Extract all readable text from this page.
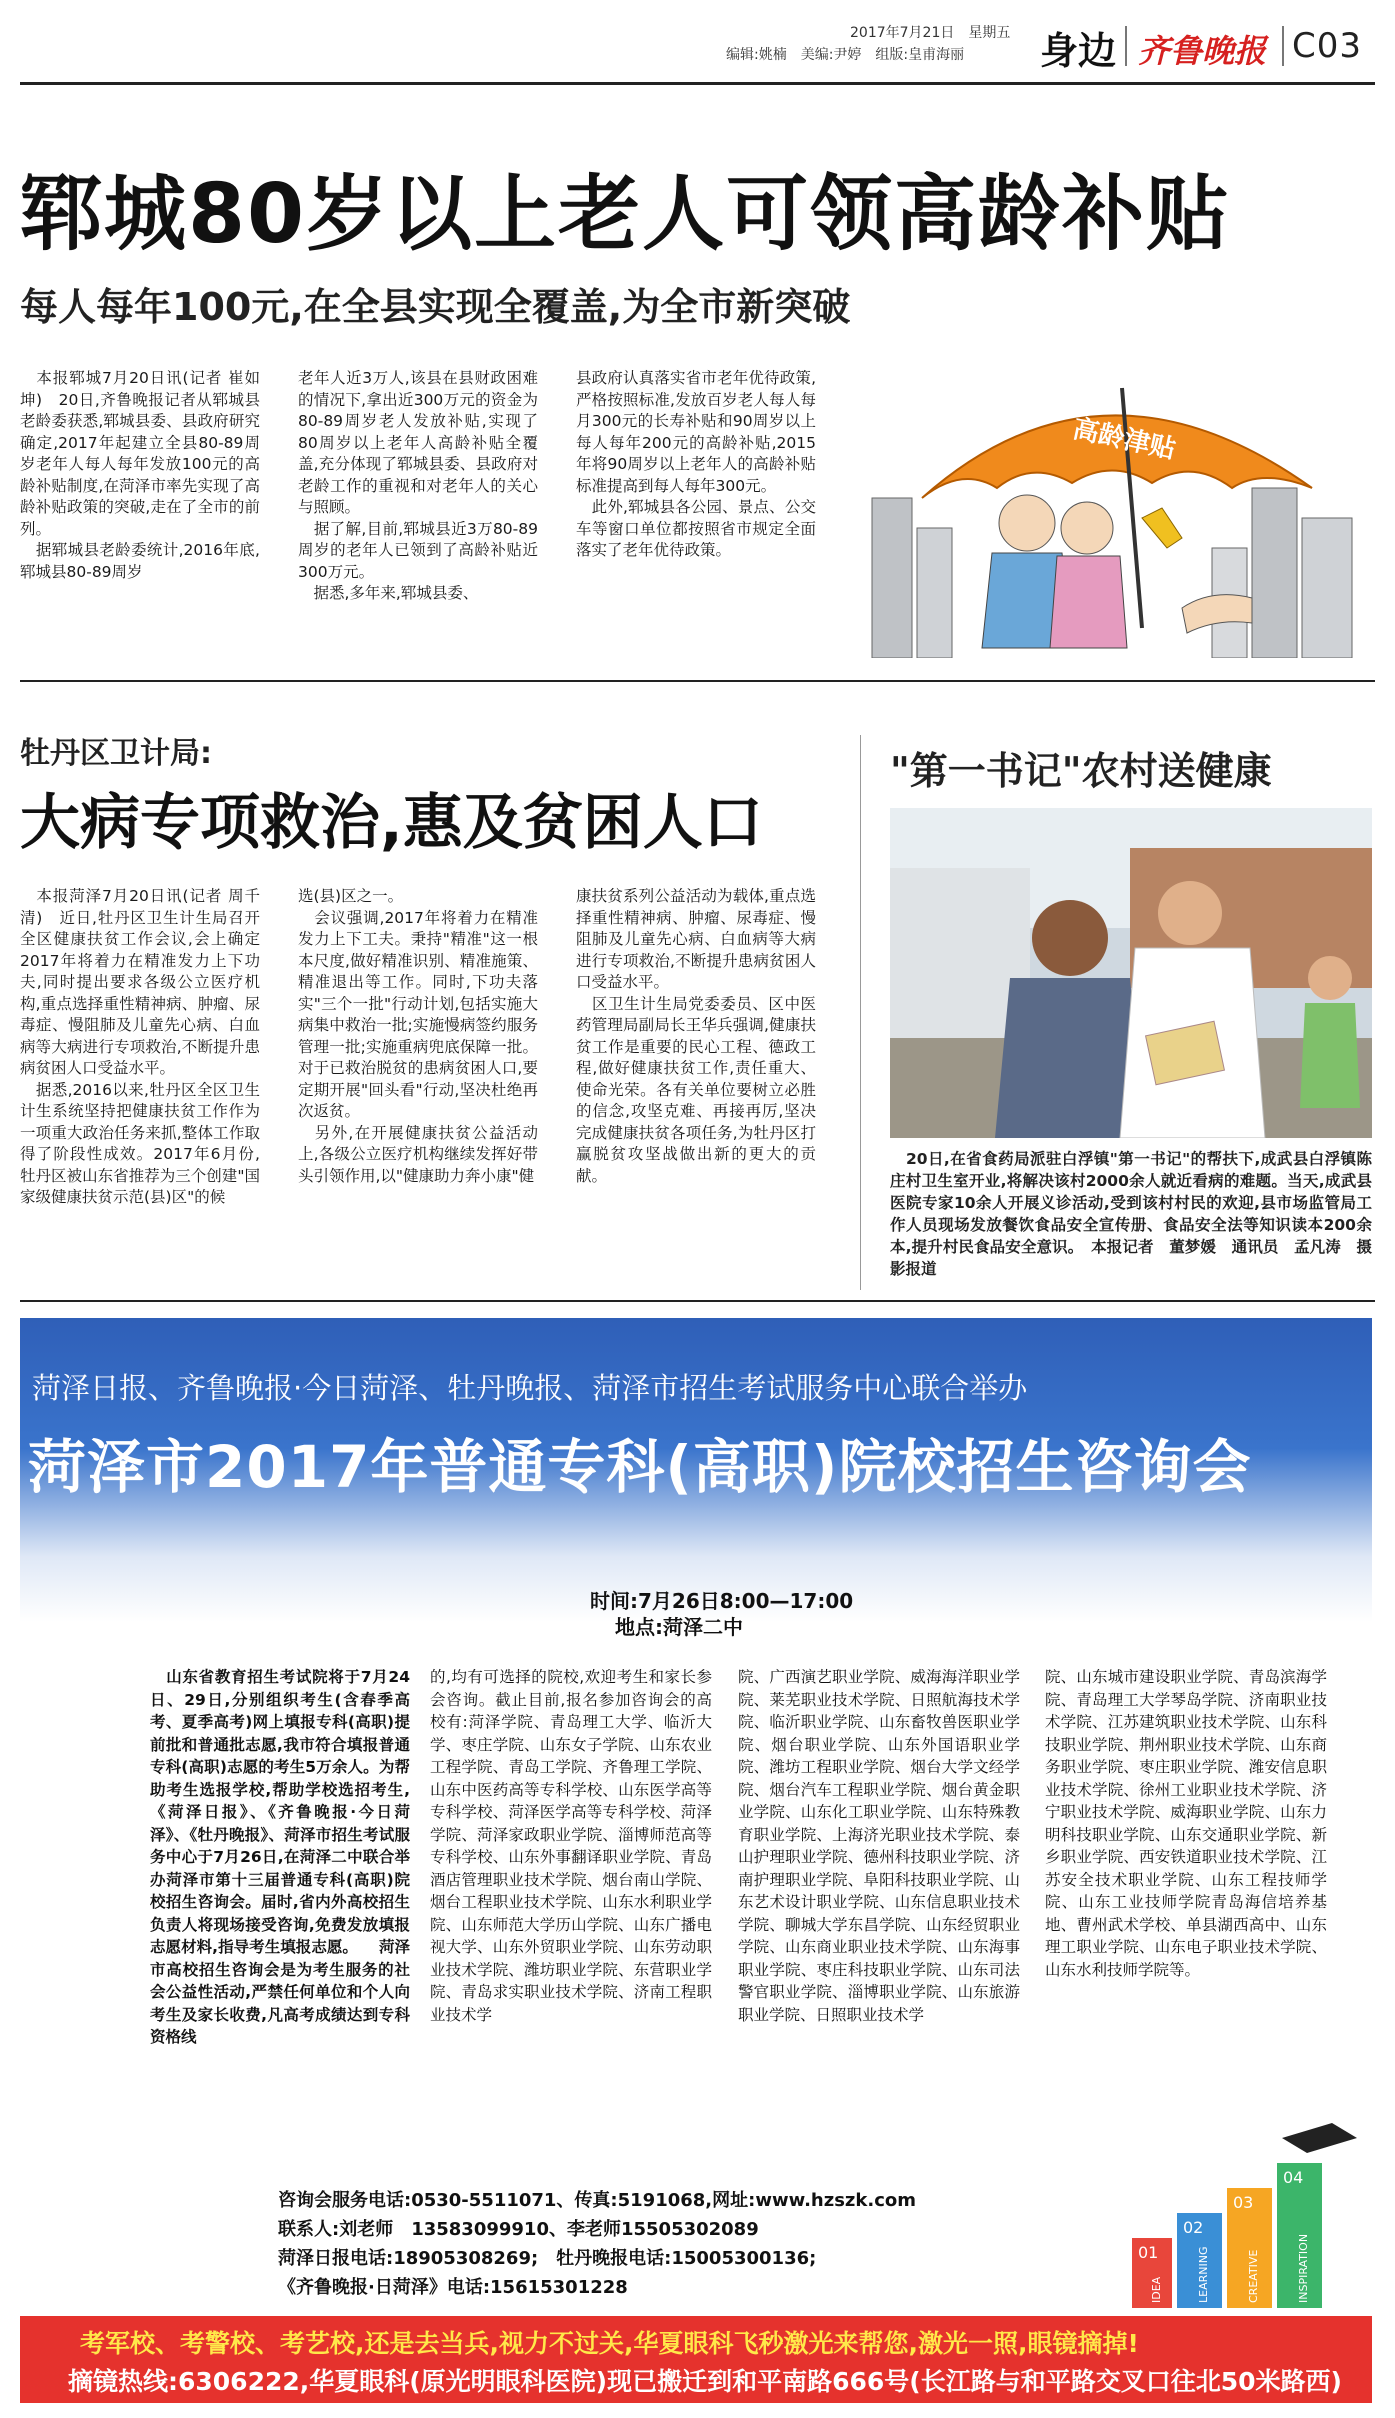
2017年7月21日　星期五
编辑:姚楠　美编:尹婷　组版:皇甫海丽 身边 齐鲁晚报 C03
郓城80岁以上老人可领高龄补贴
每人每年100元,在全县实现全覆盖,为全市新突破
　本报郓城7月20日讯(记者 崔如坤)　20日,齐鲁晚报记者从郓城县老龄委获悉,郓城县委、县政府研究确定,2017年起建立全县80-89周岁老年人每人每年发放100元的高龄补贴制度,在菏泽市率先实现了高龄补贴政策的突破,走在了全市的前列。
　据郓城县老龄委统计,2016年底,郓城县80-89周岁
老年人近3万人,该县在县财政困难的情况下,拿出近300万元的资金为80-89周岁老人发放补贴,实现了80周岁以上老年人高龄补贴全覆盖,充分体现了郓城县委、县政府对老龄工作的重视和对老年人的关心与照顾。
　据了解,目前,郓城县近3万80-89周岁的老年人已领到了高龄补贴近300万元。
　据悉,多年来,郓城县委、
县政府认真落实省市老年优待政策,严格按照标准,发放百岁老人每人每月300元的长寿补贴和90周岁以上每人每年200元的高龄补贴,2015年将90周岁以上老年人的高龄补贴标准提高到每人每年300元。
　此外,郓城县各公园、景点、公交车等窗口单位都按照省市规定全面落实了老年优待政策。
高龄津贴
牡丹区卫计局:
大病专项救治,惠及贫困人口
　本报菏泽7月20日讯(记者 周千清)　近日,牡丹区卫生计生局召开全区健康扶贫工作会议,会上确定2017年将着力在精准发力上下功夫,同时提出要求各级公立医疗机构,重点选择重性精神病、肿瘤、尿毒症、慢阻肺及儿童先心病、白血病等大病进行专项救治,不断提升患病贫困人口受益水平。
　据悉,2016以来,牡丹区全区卫生计生系统坚持把健康扶贫工作作为一项重大政治任务来抓,整体工作取得了阶段性成效。2017年6月份,牡丹区被山东省推荐为三个创建"国家级健康扶贫示范(县)区"的候
选(县)区之一。
　会议强调,2017年将着力在精准发力上下工夫。秉持"精准"这一根本尺度,做好精准识别、精准施策、精准退出等工作。同时,下功夫落实"三个一批"行动计划,包括实施大病集中救治一批;实施慢病签约服务管理一批;实施重病兜底保障一批。对于已救治脱贫的患病贫困人口,要定期开展"回头看"行动,坚决杜绝再次返贫。
　另外,在开展健康扶贫公益活动上,各级公立医疗机构继续发挥好带头引领作用,以"健康助力奔小康"健
康扶贫系列公益活动为载体,重点选择重性精神病、肿瘤、尿毒症、慢阻肺及儿童先心病、白血病等大病进行专项救治,不断提升患病贫困人口受益水平。
　区卫生计生局党委委员、区中医药管理局副局长王华兵强调,健康扶贫工作是重要的民心工程、德政工程,做好健康扶贫工作,责任重大、使命光荣。各有关单位要树立必胜的信念,攻坚克难、再接再厉,坚决完成健康扶贫各项任务,为牡丹区打赢脱贫攻坚战做出新的更大的贡献。
"第一书记"农村送健康
　20日,在省食药局派驻白浮镇"第一书记"的帮扶下,成武县白浮镇陈庄村卫生室开业,将解决该村2000余人就近看病的难题。当天,成武县医院专家10余人开展义诊活动,受到该村村民的欢迎,县市场监管局工作人员现场发放餐饮食品安全宣传册、食品安全法等知识读本200余本,提升村民食品安全意识。　本报记者　董梦媛　通讯员　孟凡涛　摄影报道
菏泽日报、齐鲁晚报·今日菏泽、牡丹晚报、菏泽市招生考试服务中心联合举办
菏泽市2017年普通专科(高职)院校招生咨询会
时间:7月26日8:00—17:00
地点:菏泽二中
　山东省教育招生考试院将于7月24日、29日,分别组织考生(含春季高考、夏季高考)网上填报专科(高职)提前批和普通批志愿,我市符合填报普通专科(高职)志愿的考生5万余人。为帮助考生选报学校,帮助学校选招考生,《菏泽日报》、《齐鲁晚报·今日菏泽》、《牡丹晚报》、菏泽市招生考试服务中心于7月26日,在菏泽二中联合举办菏泽市第十三届普通专科(高职)院校招生咨询会。届时,省内外高校招生负责人将现场接受咨询,免费发放填报志愿材料,指导考生填报志愿。 　菏泽市高校招生咨询会是为考生服务的社会公益性活动,严禁任何单位和个人向考生及家长收费,凡高考成绩达到专科资格线
的,均有可选择的院校,欢迎考生和家长参会咨询。截止目前,报名参加咨询会的高校有:菏泽学院、青岛理工大学、临沂大学、枣庄学院、山东女子学院、山东农业工程学院、青岛工学院、齐鲁理工学院、山东中医药高等专科学校、山东医学高等专科学校、菏泽医学高等专科学校、菏泽学院、菏泽家政职业学院、淄博师范高等专科学校、山东外事翻译职业学院、青岛酒店管理职业技术学院、烟台南山学院、烟台工程职业技术学院、山东水利职业学院、山东师范大学历山学院、山东广播电视大学、山东外贸职业学院、山东劳动职业技术学院、潍坊职业学院、东营职业学院、青岛求实职业技术学院、济南工程职业技术学
院、广西演艺职业学院、威海海洋职业学院、莱芜职业技术学院、日照航海技术学院、临沂职业学院、山东畜牧兽医职业学院、烟台职业学院、山东外国语职业学院、潍坊工程职业学院、烟台大学文经学院、烟台汽车工程职业学院、烟台黄金职业学院、山东化工职业学院、山东特殊教育职业学院、上海济光职业技术学院、泰山护理职业学院、德州科技职业学院、济南护理职业学院、阜阳科技职业学院、山东艺术设计职业学院、山东信息职业技术学院、聊城大学东昌学院、山东经贸职业学院、山东商业职业技术学院、山东海事职业学院、枣庄科技职业学院、山东司法警官职业学院、淄博职业学院、山东旅游职业学院、日照职业技术学
院、山东城市建设职业学院、青岛滨海学院、青岛理工大学琴岛学院、济南职业技术学院、江苏建筑职业技术学院、山东科技职业学院、荆州职业技术学院、山东商务职业学院、枣庄职业学院、潍安信息职业技术学院、徐州工业职业技术学院、济宁职业技术学院、威海职业学院、山东力明科技职业学院、山东交通职业学院、新乡职业学院、西安铁道职业技术学院、江苏安全技术职业学院、山东工程技师学院、山东工业技师学院青岛海信培养基地、曹州武术学校、单县湖西高中、山东理工职业学院、山东电子职业技术学院、山东水利技师学院等。
01
02
03
04
IDEA	LEARNING	CREATIVE	INSPIRATION
咨询会服务电话:0530-5511071、传真:5191068,网址:www.hzszk.com
联系人:刘老师　13583099910、李老师15505302089
菏泽日报电话:18905308269;　牡丹晚报电话:15005300136;
《齐鲁晚报·日菏泽》电话:15615301228
考军校、考警校、考艺校,还是去当兵,视力不过关,华夏眼科飞秒激光来帮您,激光一照,眼镜摘掉!
摘镜热线:6306222,华夏眼科(原光明眼科医院)现已搬迁到和平南路666号(长江路与和平路交叉口往北50米路西)
